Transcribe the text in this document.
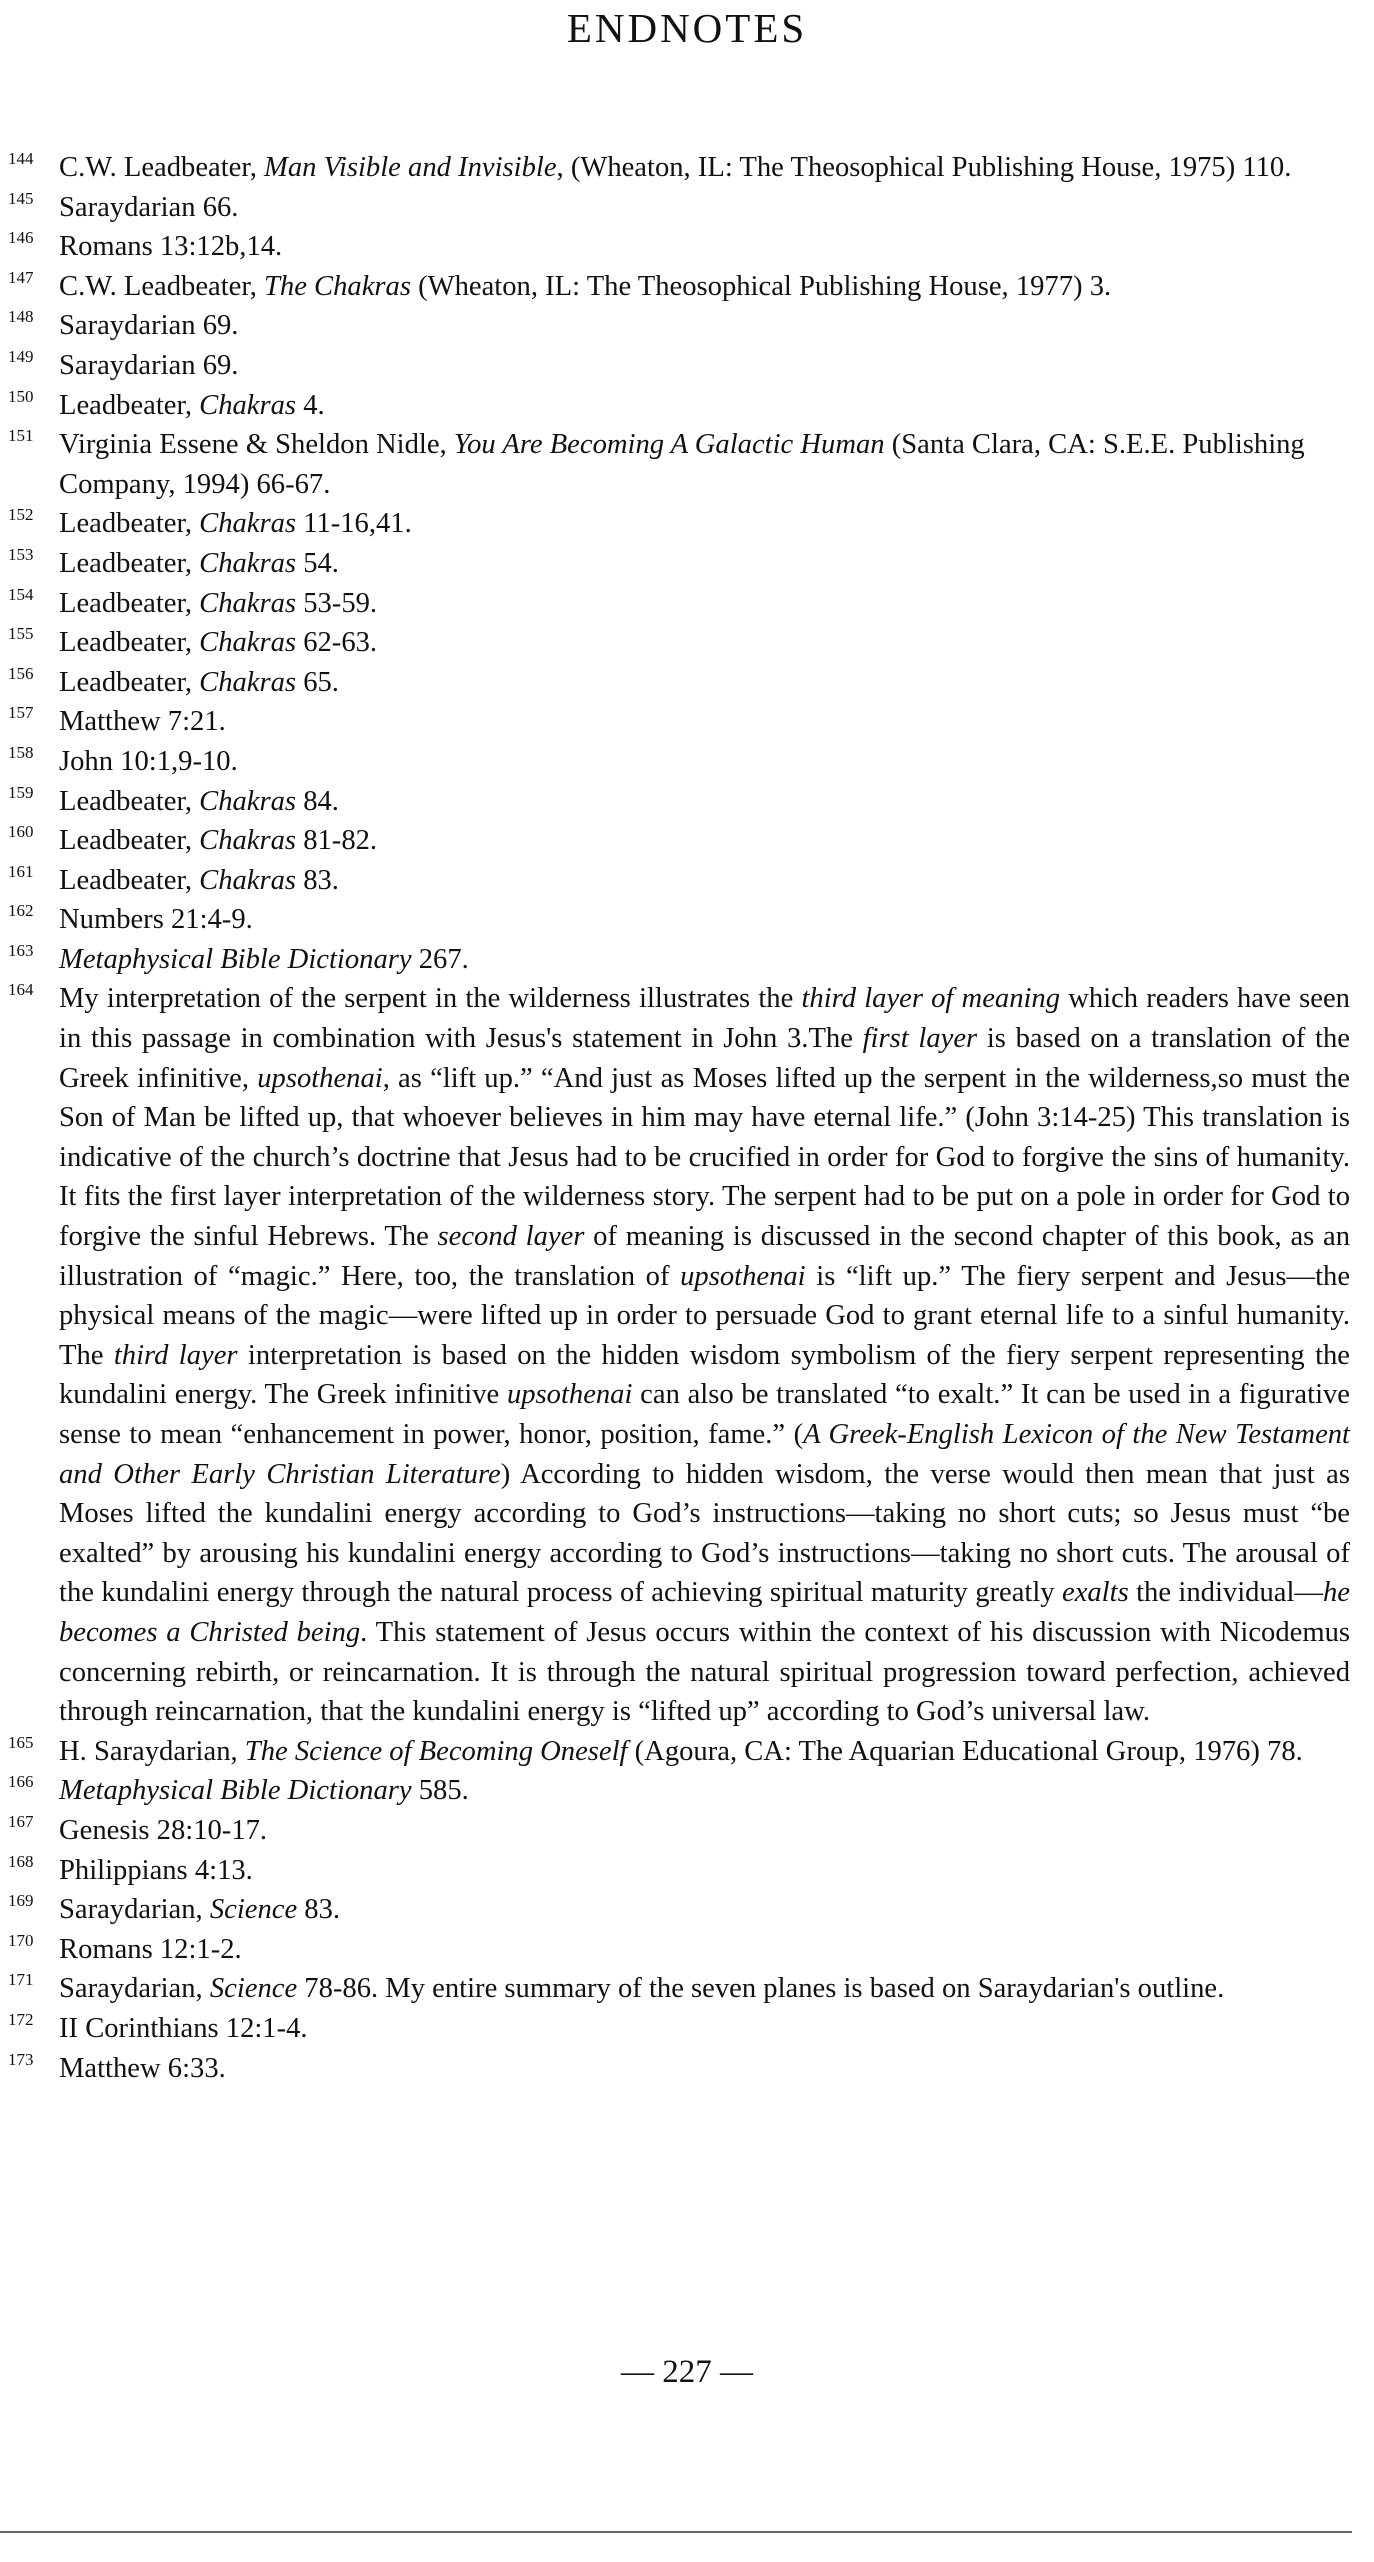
ENDNOTES
144 C.W. Leadbeater, Man Visible and Invisible, (Wheaton, IL: The Theosophical Publishing House, 1975) 110.
145 Saraydarian 66.
146 Romans 13:12b,14.
147 C.W. Leadbeater, The Chakras (Wheaton, IL: The Theosophical Publishing House, 1977) 3.
148 Saraydarian 69.
149 Saraydarian 69.
150 Leadbeater, Chakras 4.
151 Virginia Essene & Sheldon Nidle, You Are Becoming A Galactic Human (Santa Clara, CA: S.E.E. Publishing Company, 1994) 66-67.
152 Leadbeater, Chakras 11-16,41.
153 Leadbeater, Chakras 54.
154 Leadbeater, Chakras 53-59.
155 Leadbeater, Chakras 62-63.
156 Leadbeater, Chakras 65.
157 Matthew 7:21.
158 John 10:1,9-10.
159 Leadbeater, Chakras 84.
160 Leadbeater, Chakras 81-82.
161 Leadbeater, Chakras 83.
162 Numbers 21:4-9.
163 Metaphysical Bible Dictionary 267.
164 My interpretation of the serpent in the wilderness illustrates the third layer of meaning which readers have seen in this passage in combination with Jesus's statement in John 3.The first layer is based on a translation of the Greek infinitive, upsothenai, as “lift up.” “And just as Moses lifted up the serpent in the wilderness,so must the Son of Man be lifted up, that whoever believes in him may have eternal life.” (John 3:14-25) This translation is indicative of the church’s doctrine that Jesus had to be crucified in order for God to forgive the sins of humanity. It fits the first layer interpretation of the wilderness story. The serpent had to be put on a pole in order for God to forgive the sinful Hebrews. The second layer of meaning is discussed in the second chapter of this book, as an illustration of “magic.” Here, too, the translation of upsothenai is “lift up.” The fiery serpent and Jesus—the physical means of the magic—were lifted up in order to persuade God to grant eternal life to a sinful humanity. The third layer interpretation is based on the hidden wisdom symbolism of the fiery serpent representing the kundalini energy. The Greek infinitive upsothenai can also be translated “to exalt.” It can be used in a figurative sense to mean “enhancement in power, honor, position, fame.” (A Greek-English Lexicon of the New Testament and Other Early Christian Literature) According to hidden wisdom, the verse would then mean that just as Moses lifted the kundalini energy according to God’s instructions—taking no short cuts; so Jesus must “be exalted” by arousing his kundalini energy according to God’s instructions—taking no short cuts. The arousal of the kundalini energy through the natural process of achieving spiritual maturity greatly exalts the individual—he becomes a Christed being. This statement of Jesus occurs within the context of his discussion with Nicodemus concerning rebirth, or reincarnation. It is through the natural spiritual progression toward perfection, achieved through reincarnation, that the kundalini energy is “lifted up” according to God’s universal law.
165 H. Saraydarian, The Science of Becoming Oneself (Agoura, CA: The Aquarian Educational Group, 1976) 78.
166 Metaphysical Bible Dictionary 585.
167 Genesis 28:10-17.
168 Philippians 4:13.
169 Saraydarian, Science 83.
170 Romans 12:1-2.
171 Saraydarian, Science 78-86. My entire summary of the seven planes is based on Saraydarian's outline.
172 II Corinthians 12:1-4.
173 Matthew 6:33.
— 227 —
